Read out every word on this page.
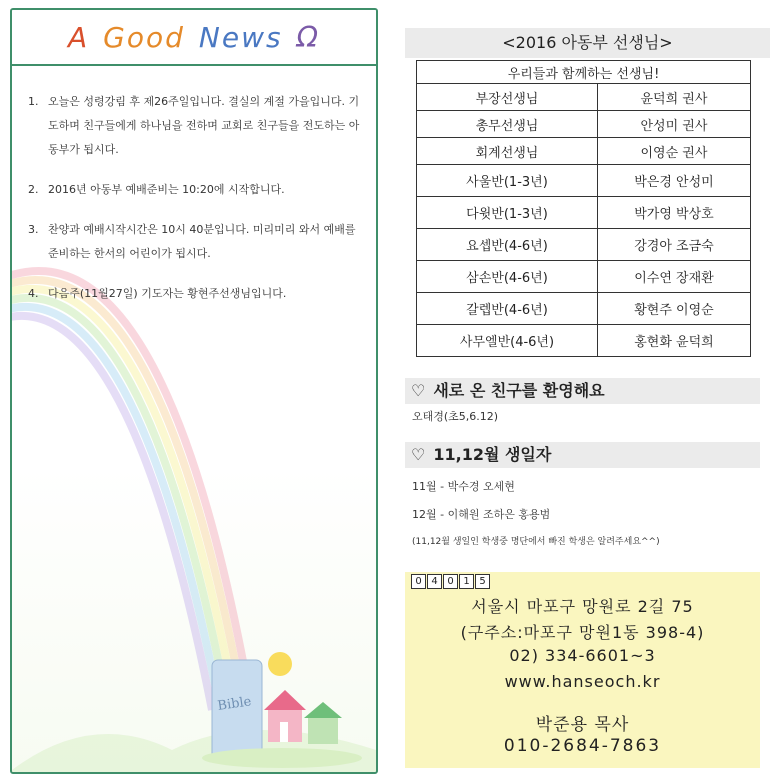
A Good News Ω
1. 오늘은 성령강림 후 제26주일입니다. 결실의 계절 가을입니다. 기도하며 친구들에게 하나님을 전하며 교회로 친구들을 전도하는 아동부가 됩시다.
2. 2016년 아동부 예배준비는 10:20에 시작합니다.
3. 찬양과 예배시작시간은 10시 40분입니다. 미리미리 와서 예배를 준비하는 한서의 어린이가 됩시다.
4. 다음주(11월27일) 기도자는 황현주선생님입니다.
Bible
<2016 아동부 선생님>
우리들과 함께하는 선생님!	
부장선생님	윤덕희 권사
총무선생님	안성미 권사
회계선생님	이영순 권사
사울반(1-3년)	박은경 안성미
다윗반(1-3년)	박가영 박상호
요셉반(4-6년)	강경아 조금숙
삼손반(4-6년)	이수연 장재환
갈렙반(4-6년)	황현주 이영순
사무엘반(4-6년)	홍현화 윤덕희
♡ 새로 온 친구를 환영해요
오태경(초5,6.12)
♡ 11,12월 생일자
11월 - 박수경 오세현
12월 - 이해원 조하은 홍용범
(11,12월 생일인 학생중 명단에서 빠진 학생은 알려주세요^^)
0 4 0 1 5
서울시 마포구 망원로 2길 75
(구주소:마포구 망원1동 398-4)
02) 334-6601~3
www.hanseoch.kr
박준용 목사
010-2684-7863
